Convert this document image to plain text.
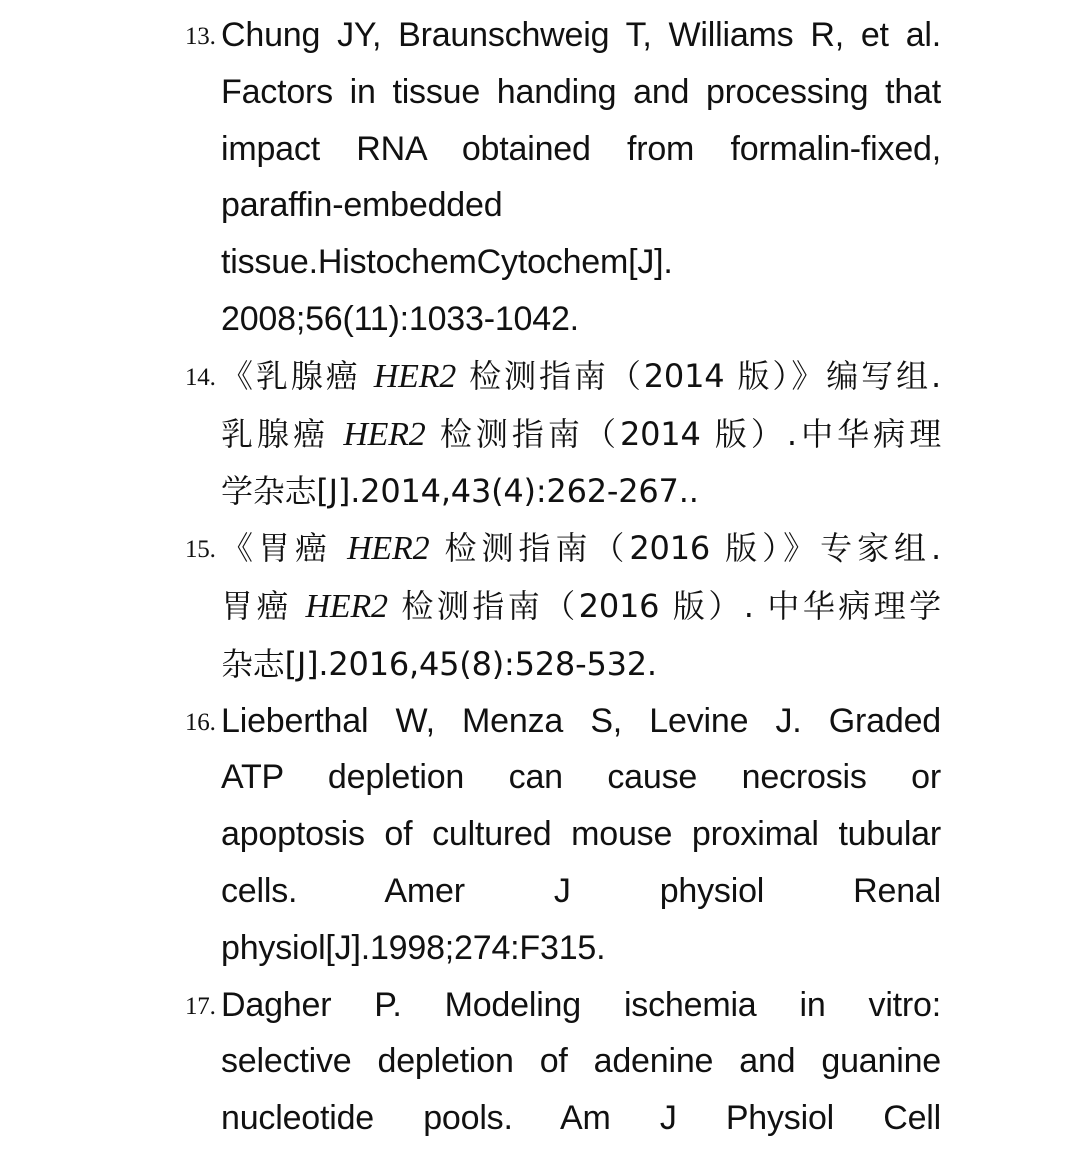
13. Chung JY, Braunschweig T, Williams R, et al.
Factors in tissue handing and processing that
impact RNA obtained from formalin-fixed,
paraffin-embedded
tissue.HistochemCytochem[J].
2008;56(11):1033-1042.
14. 《乳腺癌 HER2 检测指南（2014 版）》编写组.
乳腺癌 HER2 检测指南（2014 版）.中华病理
学杂志[J].2014,43(4):262-267..
15. 《胃癌 HER2 检测指南（2016 版）》专家组.
胃癌 HER2 检测指南（2016 版）. 中华病理学
杂志[J].2016,45(8):528-532.
16. Lieberthal W, Menza S, Levine J. Graded
ATP depletion can cause necrosis or
apoptosis of cultured mouse proximal tubular
cells. Amer J physiol Renal
physiol[J].1998;274:F315.
17. Dagher P. Modeling ischemia in vitro:
selective depletion of adenine and guanine
nucleotide pools. Am J Physiol Cell
